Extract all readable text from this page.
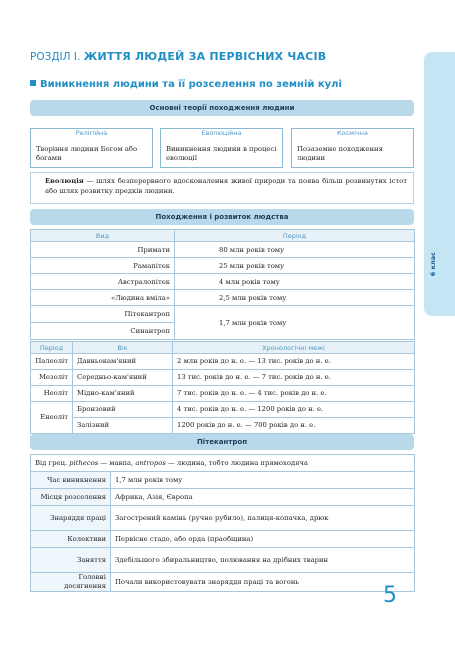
6 клас
РОЗДІЛ І. ЖИТТЯ ЛЮДЕЙ ЗА ПЕРВІСНИХ ЧАСІВ
Виникнення людини та її розселення по земній кулі
Основні теорії походження людини
Релігійна
Творіння людини Богом або богами
Еволюційна
Виникнення людини в процесі еволюції
Космічна
Позаземне походження людини
Еволюція — шлях безперервного вдосконалення живої природи та поява більш розвинутих істот або шлях розвитку предків людини.
Походження і розвиток людства
Вид	Період
Примати	80 млн років тому
Рамапітек	25 млн років тому
Австралопітек	4 млн років тому
«Людина вміла»	2,5 млн років тому
Пітекантроп	1,7 млн років тому
Синантроп	
Період	Вік	Хронологічні межі
Палеоліт	Давньокам'яний	2 млн років до н. е. — 13 тис. років до н. е.
Мезоліт	Середньо-кам'яний	13 тис. років до н. е. — 7 тис. років до н. е.
Неоліт	Мідно-кам'яний	7 тис. років до н. е. — 4 тис. років до н. е.
Енеоліт	Бронзовий	4 тис. років до н. е. — 1200 років до н. е.
	Залізний	1200 років до н. е. — 700 років до н. е.
Пітекантроп
Від грец. pithecos — мавпа, antropos — людина, тобто людина прямоходяча	
Час виникнення	1,7 млн років тому
Місця розселення	Африка, Азія, Європа
Знаряддя праці	Загострений камінь (ручне рубило), палиця-копачка, дрюк
Колективи	Первісне стадо, або орда (праобщина)
Заняття	Здебільшого збиральництво, полювання на дрібних тварин
Головні досягнення	Почали використовувати знаряддя праці та вогонь
5
